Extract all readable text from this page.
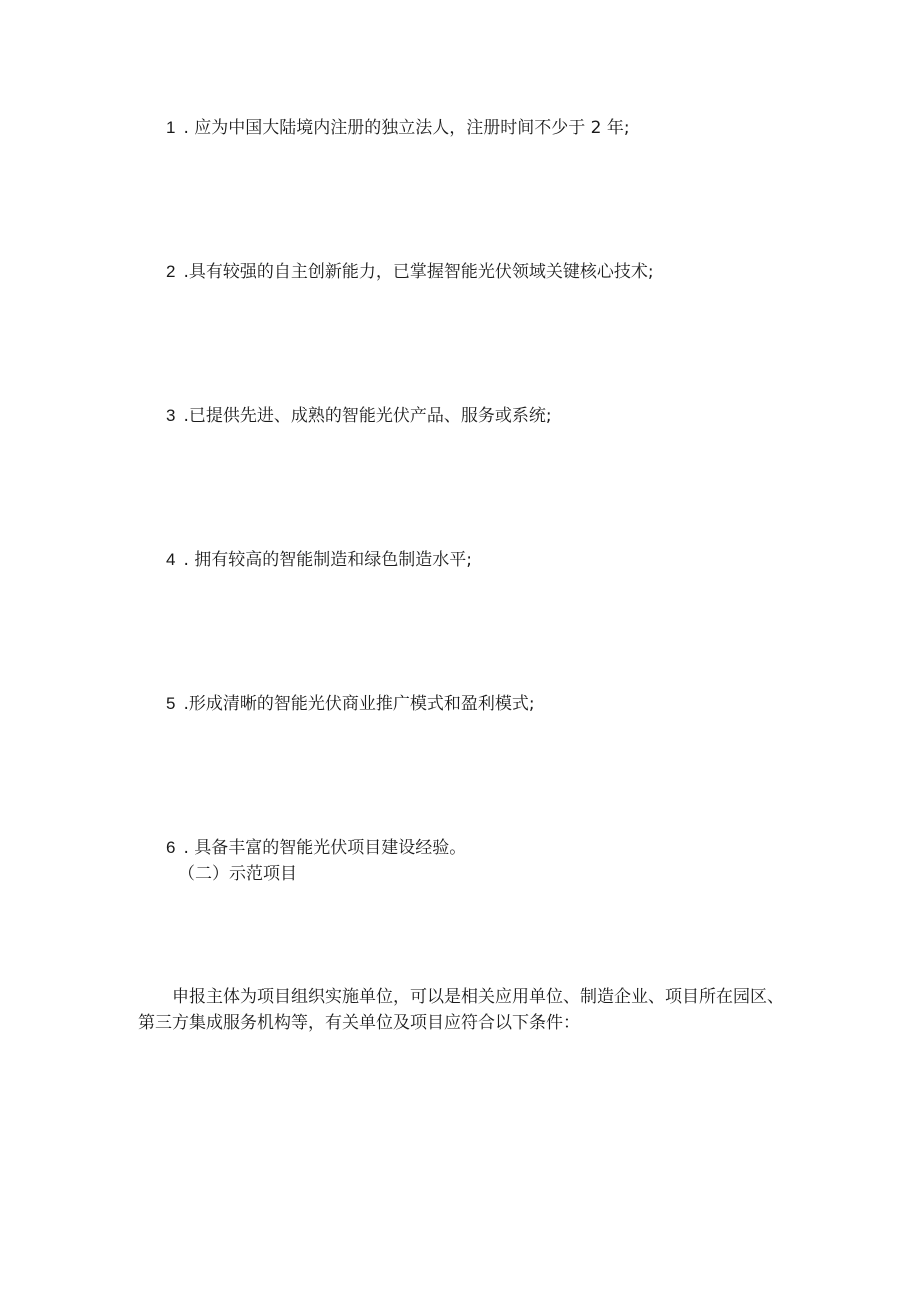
1 . 应为中国大陆境内注册的独立法人，注册时间不少于 2 年;
2 .具有较强的自主创新能力，已掌握智能光伏领域关键核心技术;
3 .已提供先进、成熟的智能光伏产品、服务或系统;
4 . 拥有较高的智能制造和绿色制造水平;
5 .形成清晰的智能光伏商业推广模式和盈利模式;
6 . 具备丰富的智能光伏项目建设经验。
（二）示范项目
申报主体为项目组织实施单位，可以是相关应用单位、制造企业、项目所在园区、第三方集成服务机构等，有关单位及项目应符合以下条件：
